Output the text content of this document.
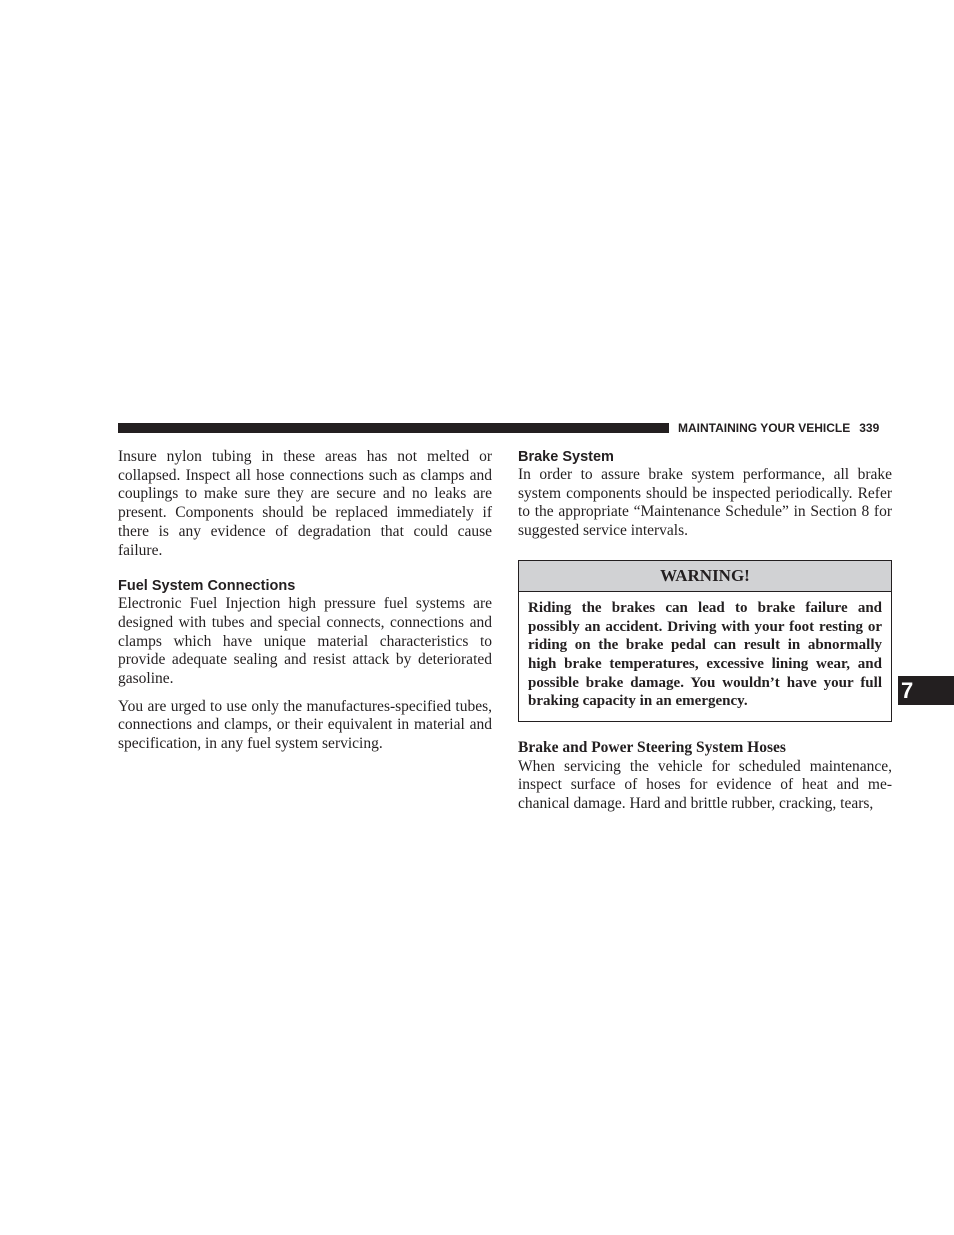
MAINTAINING YOUR VEHICLE 339

Insure nylon tubing in these areas has not melted or collapsed. Inspect all hose connections such as clamps and couplings to make sure they are secure and no leaks are present. Components should be replaced immediately if there is any evidence of degradation that could cause failure.

Fuel System Connections

Electronic Fuel Injection high pressure fuel systems are designed with tubes and special connects, connections and clamps which have unique material characteristics to provide adequate sealing and resist attack by deteriorated gasoline.

You are urged to use only the manufactures-specified tubes, connections and clamps, or their equivalent in material and specification, in any fuel system servicing.

Brake System

In order to assure brake system performance, all brake system components should be inspected periodically. Refer to the appropriate “Maintenance Schedule” in Section 8 for suggested service intervals.

WARNING!
Riding the brakes can lead to brake failure and possibly an accident. Driving with your foot resting or riding on the brake pedal can result in abnormally high brake temperatures, excessive lining wear, and possible brake damage. You wouldn’t have your full braking capacity in an emergency.
Brake and Power Steering System Hoses

When servicing the vehicle for scheduled maintenance, inspect surface of hoses for evidence of heat and mechanical damage. Hard and brittle rubber, cracking, tears,

7
